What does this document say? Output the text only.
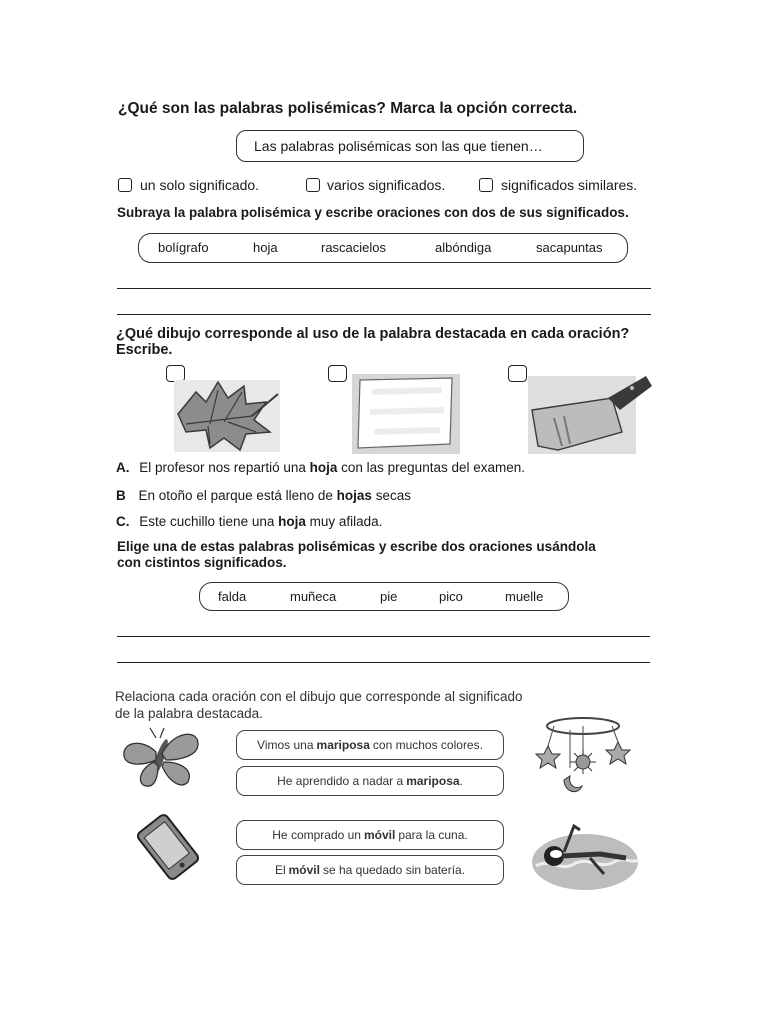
¿Qué son las palabras polisémicas? Marca la opción correcta.
Las palabras polisémicas son las que tienen…
un solo significado.	varios significados.	significados similares.
Subraya la palabra polisémica y escribe oraciones con dos de sus significados.
bolígrafo	hoja	rascacielos	albóndiga	sacapuntas
¿Qué dibujo corresponde al uso de la palabra destacada en cada oración?
Escribe.
A. El profesor nos repartió una hoja con las preguntas del examen.
B En otoño el parque está lleno de hojas secas
C. Este cuchillo tiene una hoja muy afilada.
Elige una de estas palabras polisémicas y escribe dos oraciones usándola
con cistintos significados.
falda	muñeca	pie	pico	muelle
Relaciona cada oración con el dibujo que corresponde al significado
de la palabra destacada.
Vimos una mariposa con muchos colores.
He aprendido a nadar a mariposa .
He comprado un móvil para la cuna.
El móvil se ha quedado sin batería.
